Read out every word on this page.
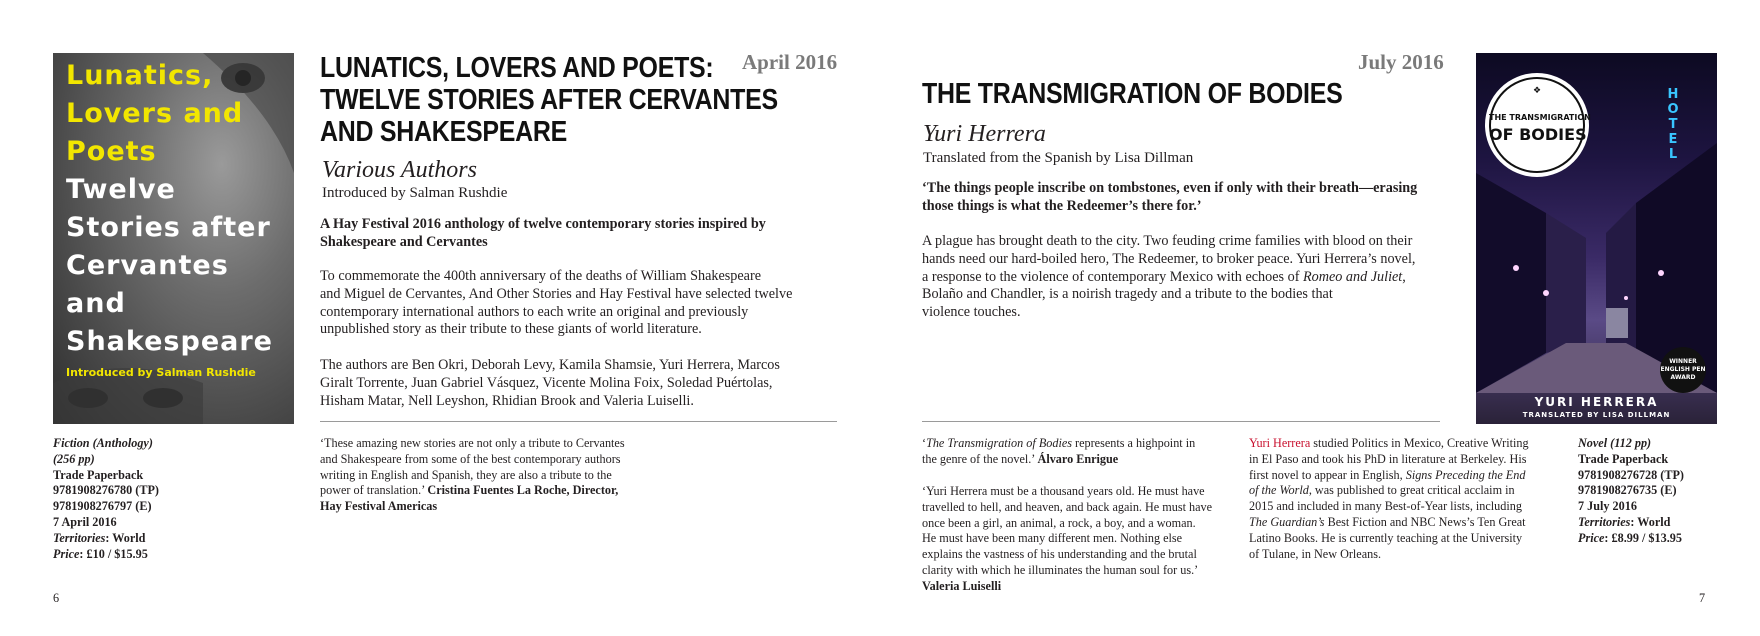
Lunatics,
Lovers and
Poets
Twelve
Stories after
Cervantes
and
Shakespeare
Introduced by Salman Rushdie
LUNATICS, LOVERS AND POETS:
TWELVE STORIES AFTER CERVANTES
AND SHAKESPEARE
April 2016
Various Authors
Introduced by Salman Rushdie
A Hay Festival 2016 anthology of twelve contemporary stories inspired by Shakespeare and Cervantes
To commemorate the 400th anniversary of the deaths of William Shakespeare
and Miguel de Cervantes, And Other Stories and Hay Festival have selected twelve
contemporary international authors to each write an original and previously
unpublished story as their tribute to these giants of world literature.
The authors are Ben Okri, Deborah Levy, Kamila Shamsie, Yuri Herrera, Marcos
Giralt Torrente, Juan Gabriel Vásquez, Vicente Molina Foix, Soledad Puértolas,
Hisham Matar, Nell Leyshon, Rhidian Brook and Valeria Luiselli.
‘These amazing new stories are not only a tribute to Cervantes
and Shakespeare from some of the best contemporary authors
writing in English and Spanish, they are also a tribute to the
power of translation.’ Cristina Fuentes La Roche, Director,
Hay Festival Americas
Fiction (Anthology)
(256 pp)
Trade Paperback
9781908276780 (TP)
9781908276797 (E)
7 April 2016
Territories: World
Price: £10 / $15.95
6
July 2016
THE TRANSMIGRATION OF BODIES
Yuri Herrera
Translated from the Spanish by Lisa Dillman
‘The things people inscribe on tombstones, even if only with their breath—erasing
those things is what the Redeemer’s there for.’
A plague has brought death to the city. Two feuding crime families with blood on their
hands need our hard-boiled hero, The Redeemer, to broker peace. Yuri Herrera’s novel,
a response to the violence of contemporary Mexico with echoes of Romeo and Juliet,
Bolaño and Chandler, is a noirish tragedy and a tribute to the bodies that
violence touches.
‘The Transmigration of Bodies represents a highpoint in
the genre of the novel.’ Álvaro Enrigue
‘Yuri Herrera must be a thousand years old. He must have
travelled to hell, and heaven, and back again. He must have
once been a girl, an animal, a rock, a boy, and a woman.
He must have been many different men. Nothing else
explains the vastness of his understanding and the brutal
clarity with which he illuminates the human soul for us.’
Valeria Luiselli
Yuri Herrera studied Politics in Mexico, Creative Writing
in El Paso and took his PhD in literature at Berkeley. His
first novel to appear in English, Signs Preceding the End
of the World, was published to great critical acclaim in
2015 and included in many Best-of-Year lists, including
The Guardian’s Best Fiction and NBC News’s Ten Great
Latino Books. He is currently teaching at the University
of Tulane, in New Orleans.
Novel (112 pp)
Trade Paperback
9781908276728 (TP)
9781908276735 (E)
7 July 2016
Territories: World
Price: £8.99 / $13.95
7
❖
THE TRANSMIGRATION
OF BODIES
HOTEL
WINNER ENGLISH PEN AWARD
YURI HERRERA
TRANSLATED BY LISA DILLMAN
